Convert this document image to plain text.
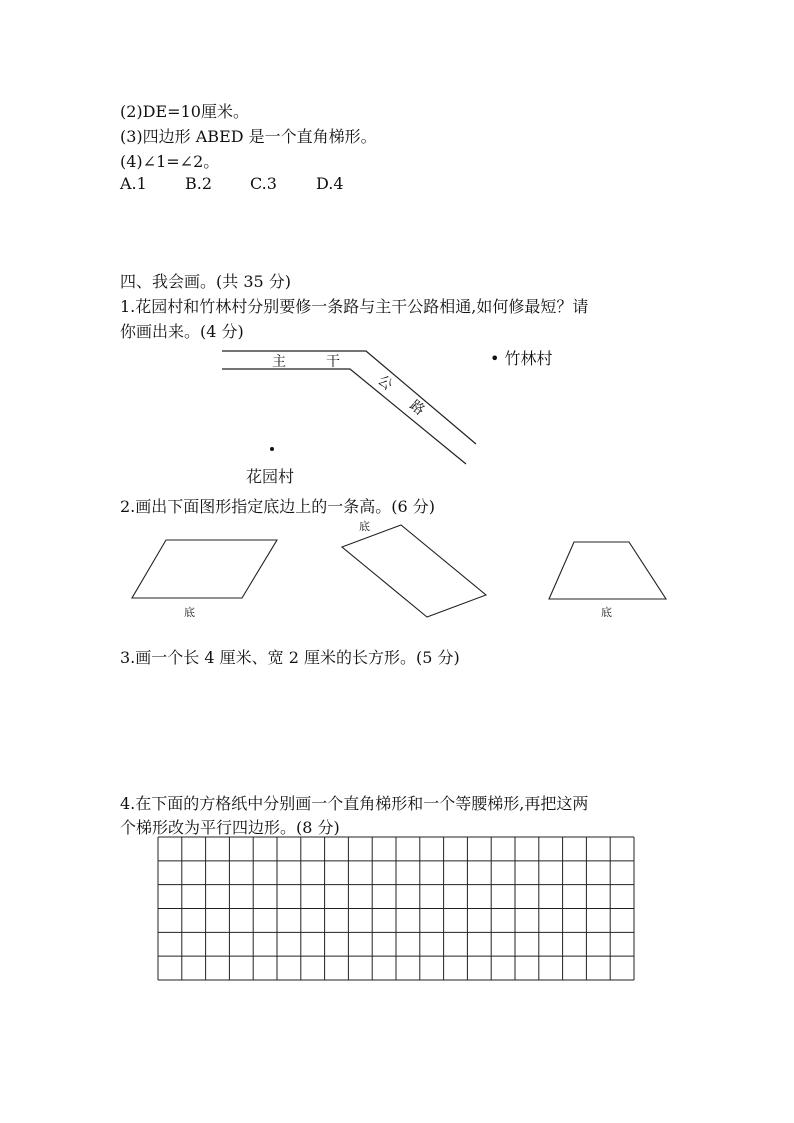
(2)DE=10厘米。
(3)四边形 ABED 是一个直角梯形。
(4)∠1=∠2。
A.1 B.2 C.3 D.4
四、我会画。(共 35 分)
1.花园村和竹林村分别要修一条路与主干公路相通,如何修最短？请
你画出来。(4 分)
主	干
公
路
• 竹林村
花园村
2.画出下面图形指定底边上的一条高。(6 分)
底
底
底
3.画一个长 4 厘米、宽 2 厘米的长方形。(5 分)
4.在下面的方格纸中分别画一个直角梯形和一个等腰梯形,再把这两
个梯形改为平行四边形。(8 分)
